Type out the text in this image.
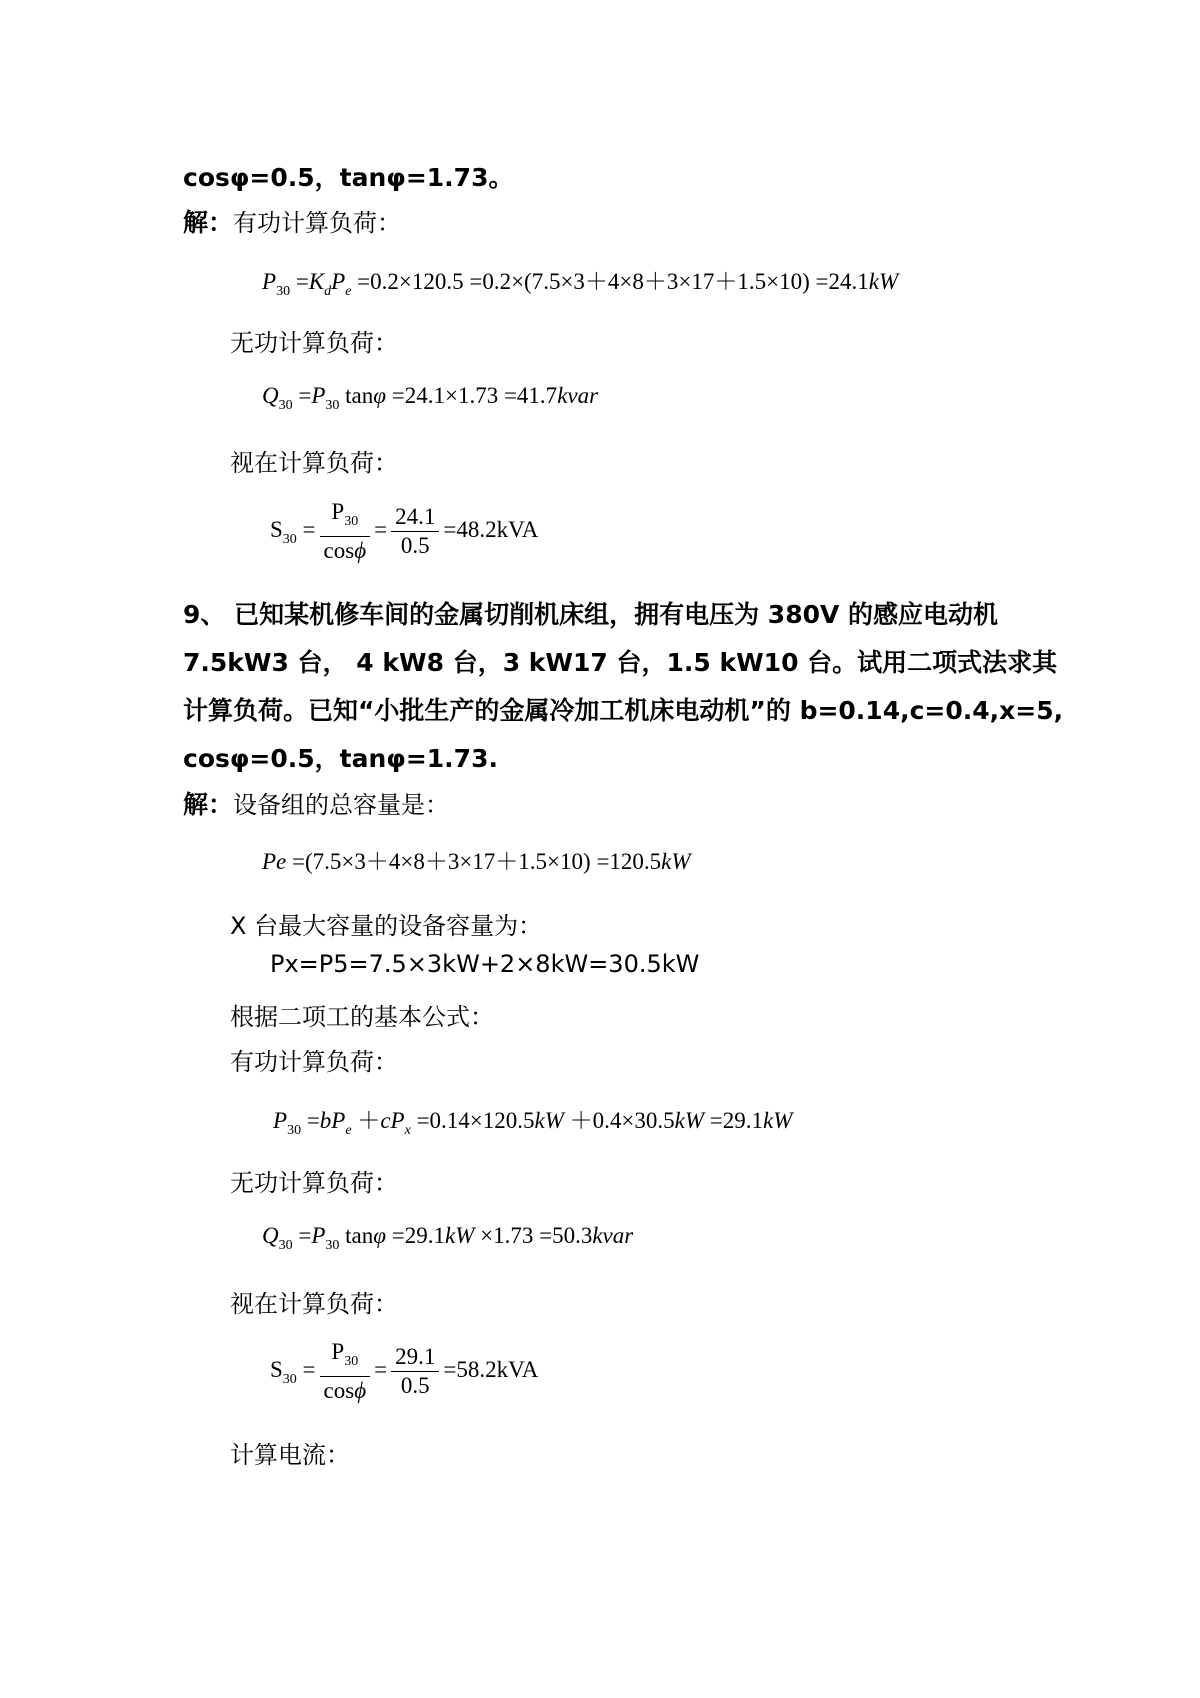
cosφ=0.5，tanφ=1.73。
解：有功计算负荷：
$P_{30} =K_dP_e =0.2\times 120.5 =0.2\times(7.5\times 3+4\times 8+3\times 17+1.5\times 10) =24.1kW$
无功计算负荷：
$Q_{30} =P_{30}$ tanφ =24.1×1.73 =41.7kvar
视在计算负荷：
$S_{30} = \frac{P_{30}}{\cos\phi} = \frac{24.1}{0.5} =48.2kVA$
9、 已知某机修车间的金属切削机床组，拥有电压为 380V 的感应电动机
7.5kW3 台， 4 kW8 台，3 kW17 台，1.5 kW10 台。试用二项式法求其
计算负荷。已知“小批生产的金属冷加工机床电动机”的 b=0.14,c=0.4,x=5,
cosφ=0.5，tanφ=1.73.
解：设备组的总容量是：
Pe =(7.5×3＋4×8＋3×17＋1.5×10) =120.5kW
X 台最大容量的设备容量为：
Px=P5=7.5×3kW+2×8kW=30.5kW
根据二项工的基本公式：
有功计算负荷：
$P_{30} =bP_e +cP_x =0.14\times 120.5kW +0.4\times 30.5kW =29.1kW$
无功计算负荷：
$Q_{30} =P_{30}$ tanφ =29.1kW ×1.73 =50.3kvar
视在计算负荷：
$S_{30} = \frac{P_{30}}{\cos\phi} = \frac{29.1}{0.5} =58.2kVA$
计算电流：
